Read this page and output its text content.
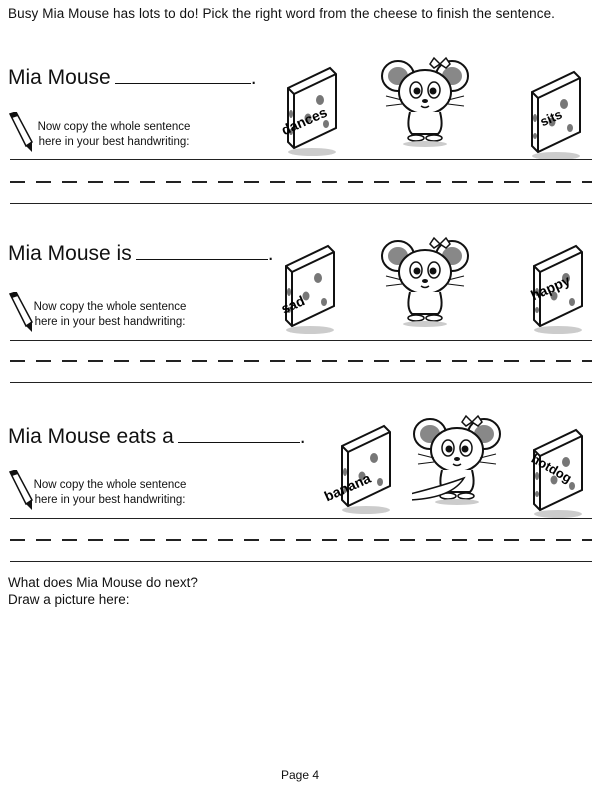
Busy Mia Mouse has lots to do! Pick the right word from the cheese to finish the sentence.
Mia Mouse	.
Now copy the whole sentence
here in your best handwriting:
dances	sits
Mia Mouse is	.
Now copy the whole sentence
here in your best handwriting:
sad
happy
Mia Mouse eats a	.
Now copy the whole sentence
here in your best handwriting:	banana
hotdog
What does Mia Mouse do next?
Draw a picture here:
Page 4
